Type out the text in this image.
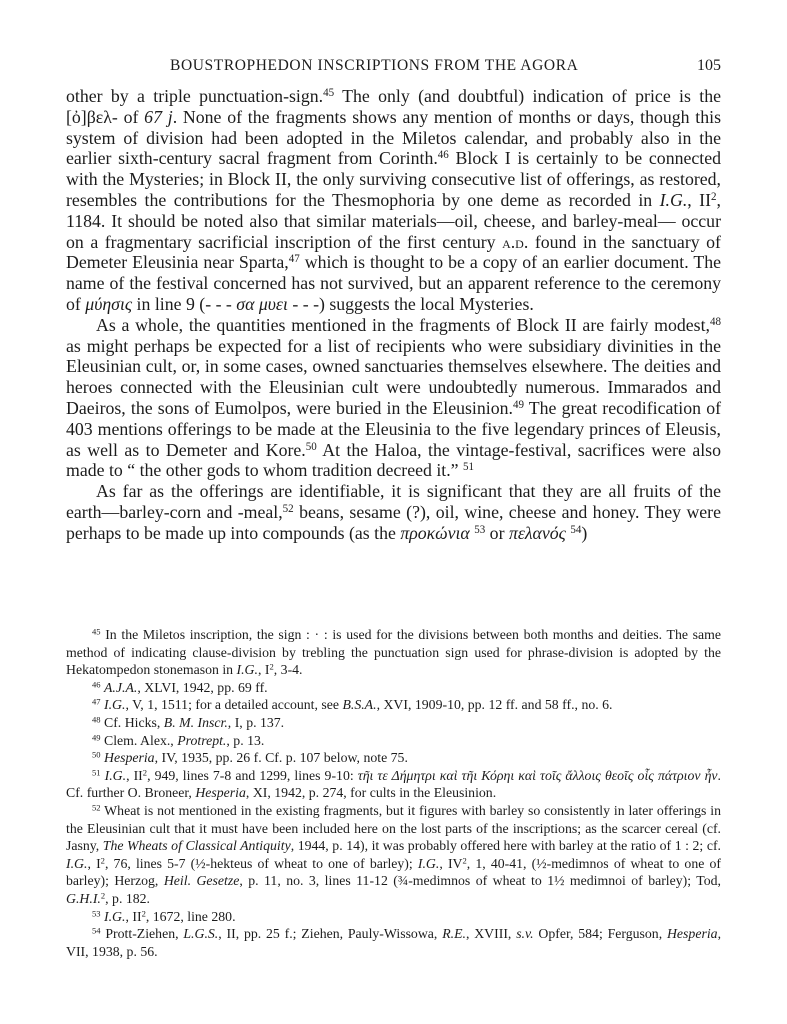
BOUSTROPHEDON INSCRIPTIONS FROM THE AGORA	105

other by a triple punctuation-sign.$^{45}$ The only (and doubtful) indication of price is the [ὀ]βελ- of 67 j. None of the fragments shows any mention of months or days, though this system of division had been adopted in the Miletos calendar, and probably also in the earlier sixth-century sacral fragment from Corinth.$^{46}$ Block I is certainly to be connected with the Mysteries; in Block II, the only surviving consecutive list of offerings, as restored, resembles the contributions for the Thesmophoria by one deme as recorded in I.G., $II^2$, 1184. It should be noted also that similar materials—oil, cheese, and barley-meal— occur on a fragmentary sacrificial inscription of the first century a.d. found in the sanctuary of Demeter Eleusinia near Sparta,$^{47}$ which is thought to be a copy of an earlier document. The name of the festival concerned has not survived, but an apparent reference to the ceremony of μύησις in line 9 (- - - σα μυει - - -) suggests the local Mysteries.

As a whole, the quantities mentioned in the fragments of Block II are fairly modest,$^{48}$ as might perhaps be expected for a list of recipients who were subsidiary divinities in the Eleusinian cult, or, in some cases, owned sanctuaries themselves elsewhere. The deities and heroes connected with the Eleusinian cult were undoubtedly numerous. Immarados and Daeiros, the sons of Eumolpos, were buried in the Eleusinion.$^{49}$ The great recodification of 403 mentions offerings to be made at the Eleusinia to the five legendary princes of Eleusis, as well as to Demeter and Kore.$^{50}$ At the Haloa, the vintage-festival, sacrifices were also made to “ the other gods to whom tradition decreed it.” $^{51}$

As far as the offerings are identifiable, it is significant that they are all fruits of the earth—barley-corn and -meal,$^{52}$ beans, sesame (?), oil, wine, cheese and honey. They were perhaps to be made up into compounds (as the προκώνια $^{53}$ or πελανός $^{54}$)

$^{45}$ In the Miletos inscription, the sign : · : is used for the divisions between both months and deities. The same method of indicating clause-division by trebling the punctuation sign used for phrase-division is adopted by the Hekatompedon stonemason in I.G., $I^2$, 3-4.

$^{46}$ A.J.A., XLVI, 1942, pp. 69 ff.

$^{47}$ I.G., V, 1, 1511; for a detailed account, see B.S.A., XVI, 1909-10, pp. 12 ff. and 58 ff., no. 6.

$^{48}$ Cf. Hicks, B. M. Inscr., I, p. 137.

$^{49}$ Clem. Alex., Protrept., p. 13.

$^{50}$ Hesperia, IV, 1935, pp. 26 f. Cf. p. 107 below, note 75.

$^{51}$ I.G., $II^2$, 949, lines 7-8 and 1299, lines 9-10: τῆι τε Δήμητρι καὶ τῆι Κόρηι καὶ τοῖς ἄλλοις θεοῖς οἷς πάτριον ἦν. Cf. further O. Broneer, Hesperia, XI, 1942, p. 274, for cults in the Eleusinion.

$^{52}$ Wheat is not mentioned in the existing fragments, but it figures with barley so consistently in later offerings in the Eleusinian cult that it must have been included here on the lost parts of the inscriptions; as the scarcer cereal (cf. Jasny, The Wheats of Classical Antiquity, 1944, p. 14), it was probably offered here with barley at the ratio of 1 : 2; cf. I.G., $I^2$, 76, lines 5-7 (½-hekteus of wheat to one of barley); I.G., $IV^2$, 1, 40-41, (½-medimnos of wheat to one of barley); Herzog, Heil. Gesetze, p. 11, no. 3, lines 11-12 (¾-medimnos of wheat to 1½ medimnoi of barley); Tod, G.H.I.$^2$, p. 182.

$^{53}$ I.G., $II^2$, 1672, line 280.

$^{54}$ Prott-Ziehen, L.G.S., II, pp. 25 f.; Ziehen, Pauly-Wissowa, R.E., XVIII, s.v. Opfer, 584; Ferguson, Hesperia, VII, 1938, p. 56.
